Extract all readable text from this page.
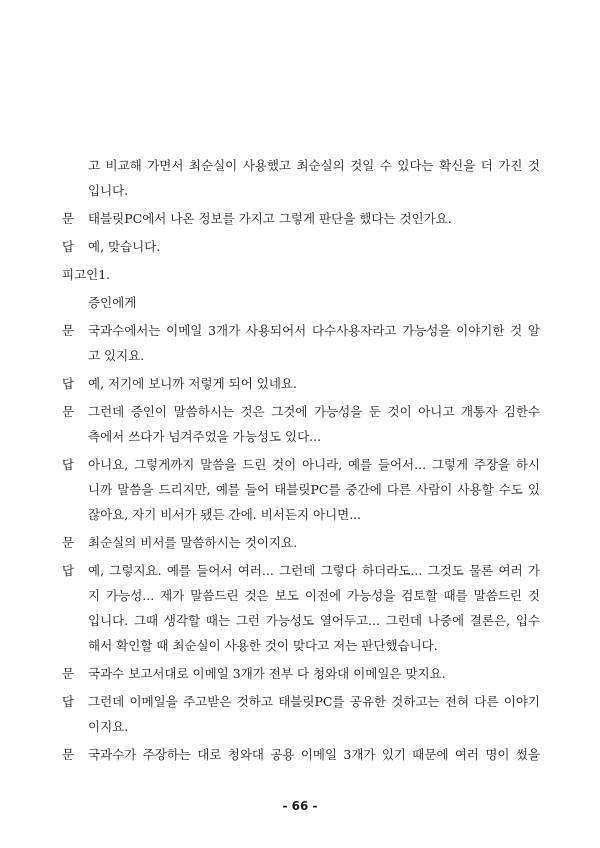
고 비교해 가면서 최순실이 사용했고 최순실의 것일 수 있다는 확신을 더 가진 것
입니다.
문	태블릿PC에서 나온 정보를 가지고 그렇게 판단을 했다는 것인가요.
답	예, 맞습니다.
피고인1.
증인에게
문	국과수에서는 이메일 3개가 사용되어서 다수사용자라고 가능성을 이야기한 것 알
고 있지요.
답	예, 저기에 보니까 저렇게 되어 있네요.
문	그런데 증인이 말씀하시는 것은 그것에 가능성을 둔 것이 아니고 개통자 김한수
측에서 쓰다가 넘겨주었을 가능성도 있다...
답	아니요, 그렇게까지 말씀을 드린 것이 아니라, 예를 들어서... 그렇게 주장을 하시
니까 말씀을 드리지만, 예를 들어 태블릿PC를 중간에 다른 사람이 사용할 수도 있
잖아요, 자기 비서가 됐든 간에. 비서든지 아니면...
문	최순실의 비서를 말씀하시는 것이지요.
답	예, 그렇지요. 예를 들어서 여러... 그런데 그렇다 하더라도... 그것도 물론 여러 가
지 가능성... 제가 말씀드린 것은 보도 이전에 가능성을 검토할 때를 말씀드린 것
입니다. 그때 생각할 때는 그런 가능성도 열어두고... 그런데 나중에 결론은, 입수
해서 확인할 때 최순실이 사용한 것이 맞다고 저는 판단했습니다.
문	국과수 보고서대로 이메일 3개가 전부 다 청와대 이메일은 맞지요.
답	그런데 이메일을 주고받은 것하고 태블릿PC를 공유한 것하고는 전혀 다른 이야기
이지요.
문	국과수가 주장하는 대로 청와대 공용 이메일 3개가 있기 때문에 여러 명이 썼을
- 66 -
